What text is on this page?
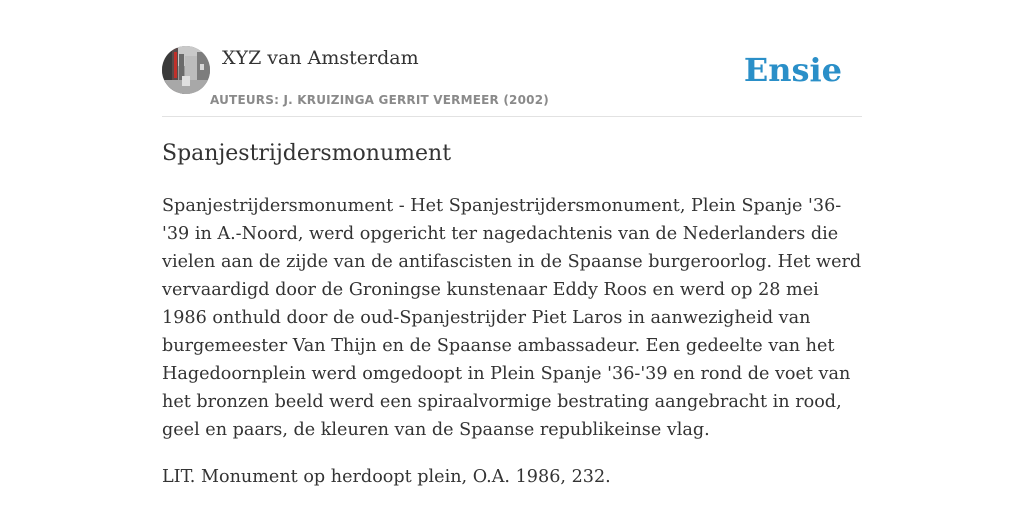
XYZ van Amsterdam
AUTEURS: J. KRUIZINGA GERRIT VERMEER (2002)
Ensie
Spanjestrijdersmonument

Spanjestrijdersmonument - Het Spanjestrijdersmonument, Plein Spanje '36-'39 in A.-Noord, werd opgericht ter nagedachtenis van de Nederlanders die vielen aan de zijde van de antifascisten in de Spaanse burgeroorlog. Het werd vervaardigd door de Groningse kunstenaar Eddy Roos en werd op 28 mei 1986 onthuld door de oud-Spanjestrijder Piet Laros in aanwezigheid van burgemeester Van Thijn en de Spaanse ambassadeur. Een gedeelte van het Hagedoornplein werd omgedoopt in Plein Spanje '36-'39 en rond de voet van het bronzen beeld werd een spiraalvormige bestrating aangebracht in rood, geel en paars, de kleuren van de Spaanse republikeinse vlag.

LIT. Monument op herdoopt plein, O.A. 1986, 232.
